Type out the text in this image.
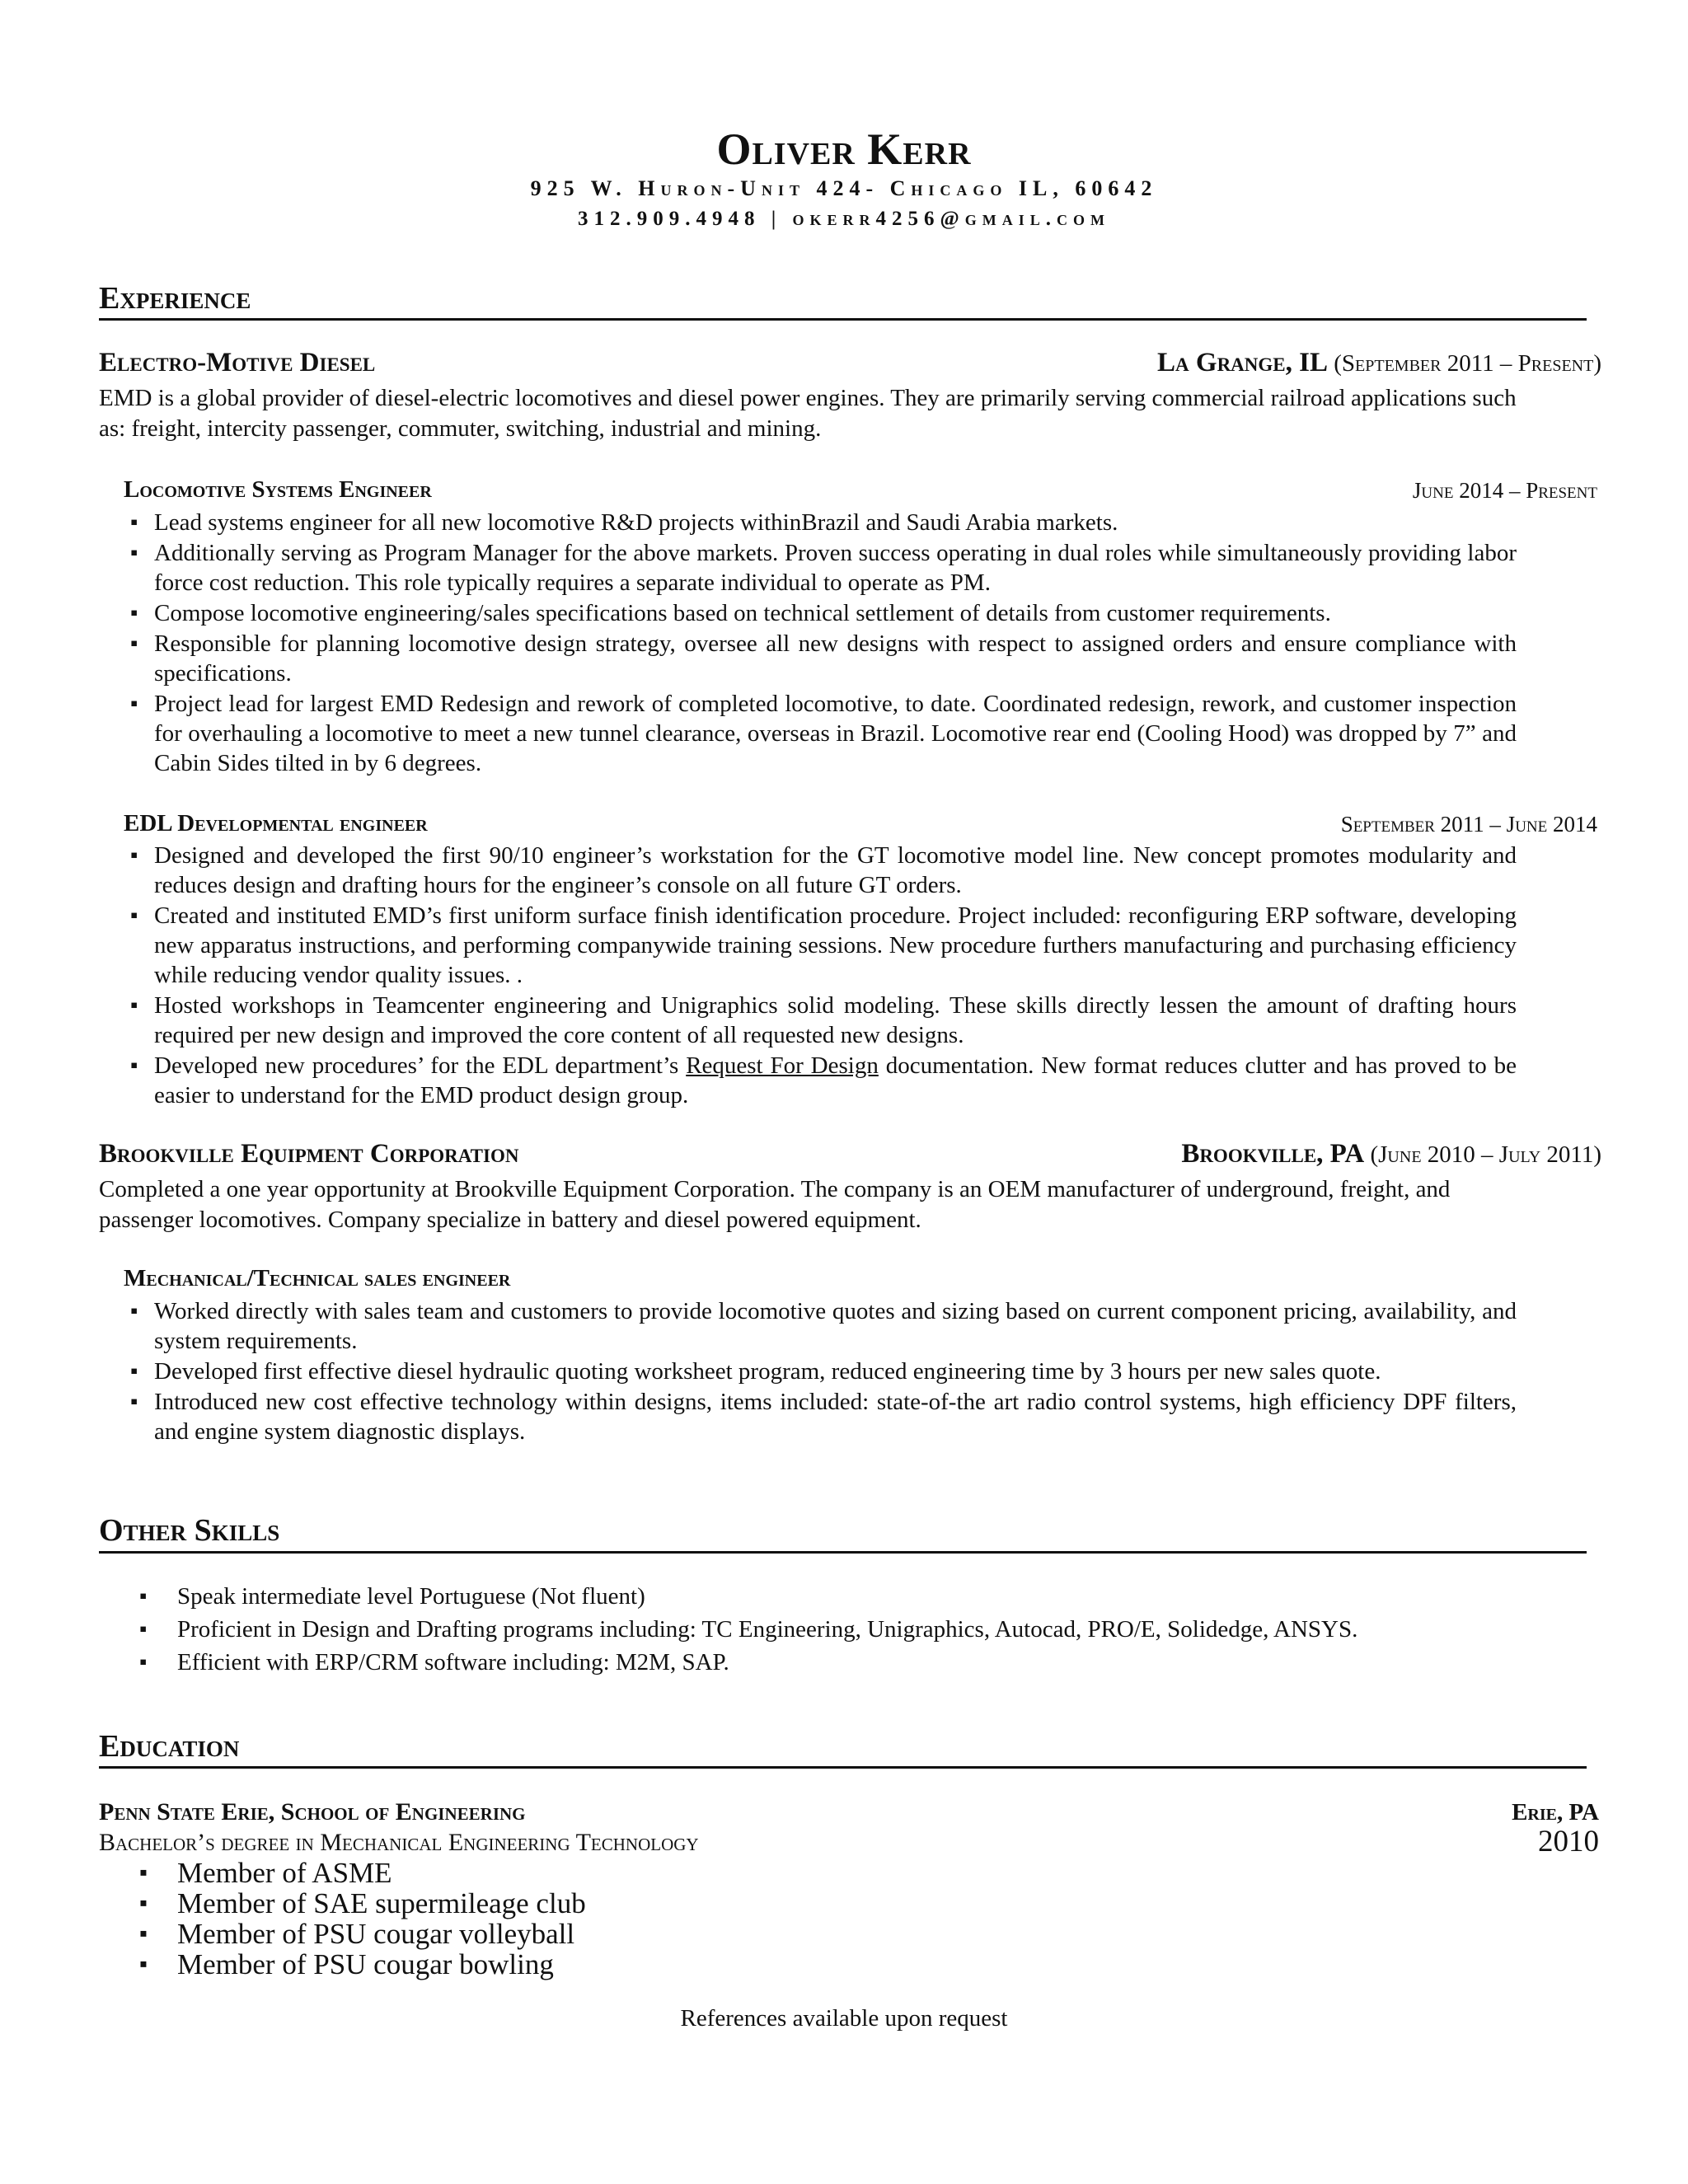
Oliver Kerr
925 W. Huron-Unit 424- Chicago IL, 60642
312.909.4948 | okerr4256@gmail.com
Experience
Electro-Motive Diesel	La Grange, IL (September 2011 – Present)
EMD is a global provider of diesel-electric locomotives and diesel power engines. They are primarily serving commercial railroad applications such as: freight, intercity passenger, commuter, switching, industrial and mining.
Locomotive Systems Engineer	June 2014 – Present
▪ Lead systems engineer for all new locomotive R&D projects withinBrazil and Saudi Arabia markets.
▪ Additionally serving as Program Manager for the above markets. Proven success operating in dual roles while simultaneously providing labor force cost reduction. This role typically requires a separate individual to operate as PM.
▪ Compose locomotive engineering/sales specifications based on technical settlement of details from customer requirements.
▪ Responsible for planning locomotive design strategy, oversee all new designs with respect to assigned orders and ensure compliance with specifications.
▪ Project lead for largest EMD Redesign and rework of completed locomotive, to date. Coordinated redesign, rework, and customer inspection for overhauling a locomotive to meet a new tunnel clearance, overseas in Brazil. Locomotive rear end (Cooling Hood) was dropped by 7” and Cabin Sides tilted in by 6 degrees.
EDL Developmental engineer	September 2011 – June 2014
▪ Designed and developed the first 90/10 engineer’s workstation for the GT locomotive model line. New concept promotes modularity and reduces design and drafting hours for the engineer’s console on all future GT orders.
▪ Created and instituted EMD’s first uniform surface finish identification procedure. Project included: reconfiguring ERP software, developing new apparatus instructions, and performing companywide training sessions. New procedure furthers manufacturing and purchasing efficiency while reducing vendor quality issues. .
▪ Hosted workshops in Teamcenter engineering and Unigraphics solid modeling. These skills directly lessen the amount of drafting hours required per new design and improved the core content of all requested new designs.
▪ Developed new procedures’ for the EDL department’s Request For Design documentation. New format reduces clutter and has proved to be easier to understand for the EMD product design group.
Brookville Equipment Corporation	Brookville, PA (June 2010 – July 2011)
Completed a one year opportunity at Brookville Equipment Corporation. The company is an OEM manufacturer of underground, freight, and passenger locomotives. Company specialize in battery and diesel powered equipment.
Mechanical/Technical sales engineer
▪ Worked directly with sales team and customers to provide locomotive quotes and sizing based on current component pricing, availability, and system requirements.
▪ Developed first effective diesel hydraulic quoting worksheet program, reduced engineering time by 3 hours per new sales quote.
▪ Introduced new cost effective technology within designs, items included: state-of-the art radio control systems, high efficiency DPF filters, and engine system diagnostic displays.
Other Skills
▪ Speak intermediate level Portuguese (Not fluent)
▪ Proficient in Design and Drafting programs including: TC Engineering, Unigraphics, Autocad, PRO/E, Solidedge, ANSYS.
▪ Efficient with ERP/CRM software including: M2M, SAP.
Education
Penn State Erie, School of Engineering	Erie, PA
Bachelor’s degree in Mechanical Engineering Technology	2010
▪ Member of ASME
▪ Member of SAE supermileage club
▪ Member of PSU cougar volleyball
▪ Member of PSU cougar bowling
References available upon request
